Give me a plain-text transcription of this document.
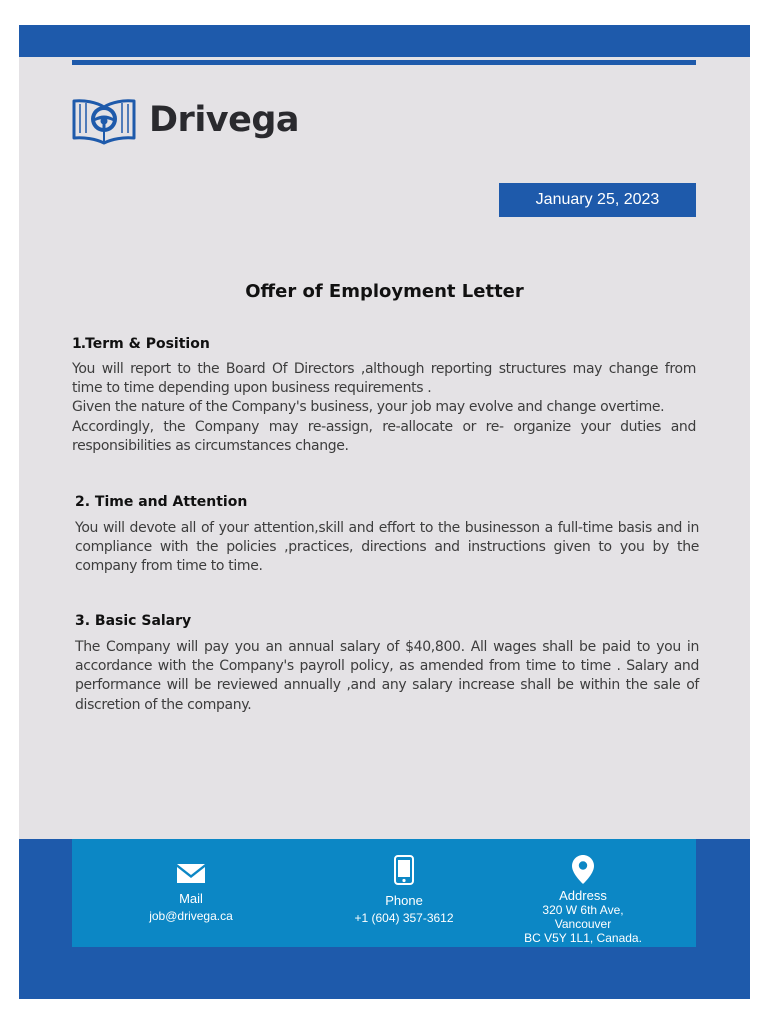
Drivega
January 25, 2023
Offer of Employment Letter
1.Term & Position

You will report to the Board Of Directors ,although reporting structures may change from time to time depending upon business requirements .

Given the nature of the Company's business, your job may evolve and change overtime.

Accordingly, the Company may re-assign, re-allocate or re- organize your duties and responsibilities as circumstances change.

2. Time and Attention

You will devote all of your attention,skill and effort to the businesson a full-time basis and in compliance with the policies ,practices, directions and instructions given to you by the company from time to time.

3. Basic Salary

The Company will pay you an annual salary of $40,800. All wages shall be paid to you in accordance with the Company's payroll policy, as amended from time to time . Salary and performance will be reviewed annually ,and any salary increase shall be within the sale of discretion of the company.

Mail
job@drivega.ca
Phone
+1 (604) 357-3612
Address
320 W 6th Ave, Vancouver
BC V5Y 1L1, Canada.
